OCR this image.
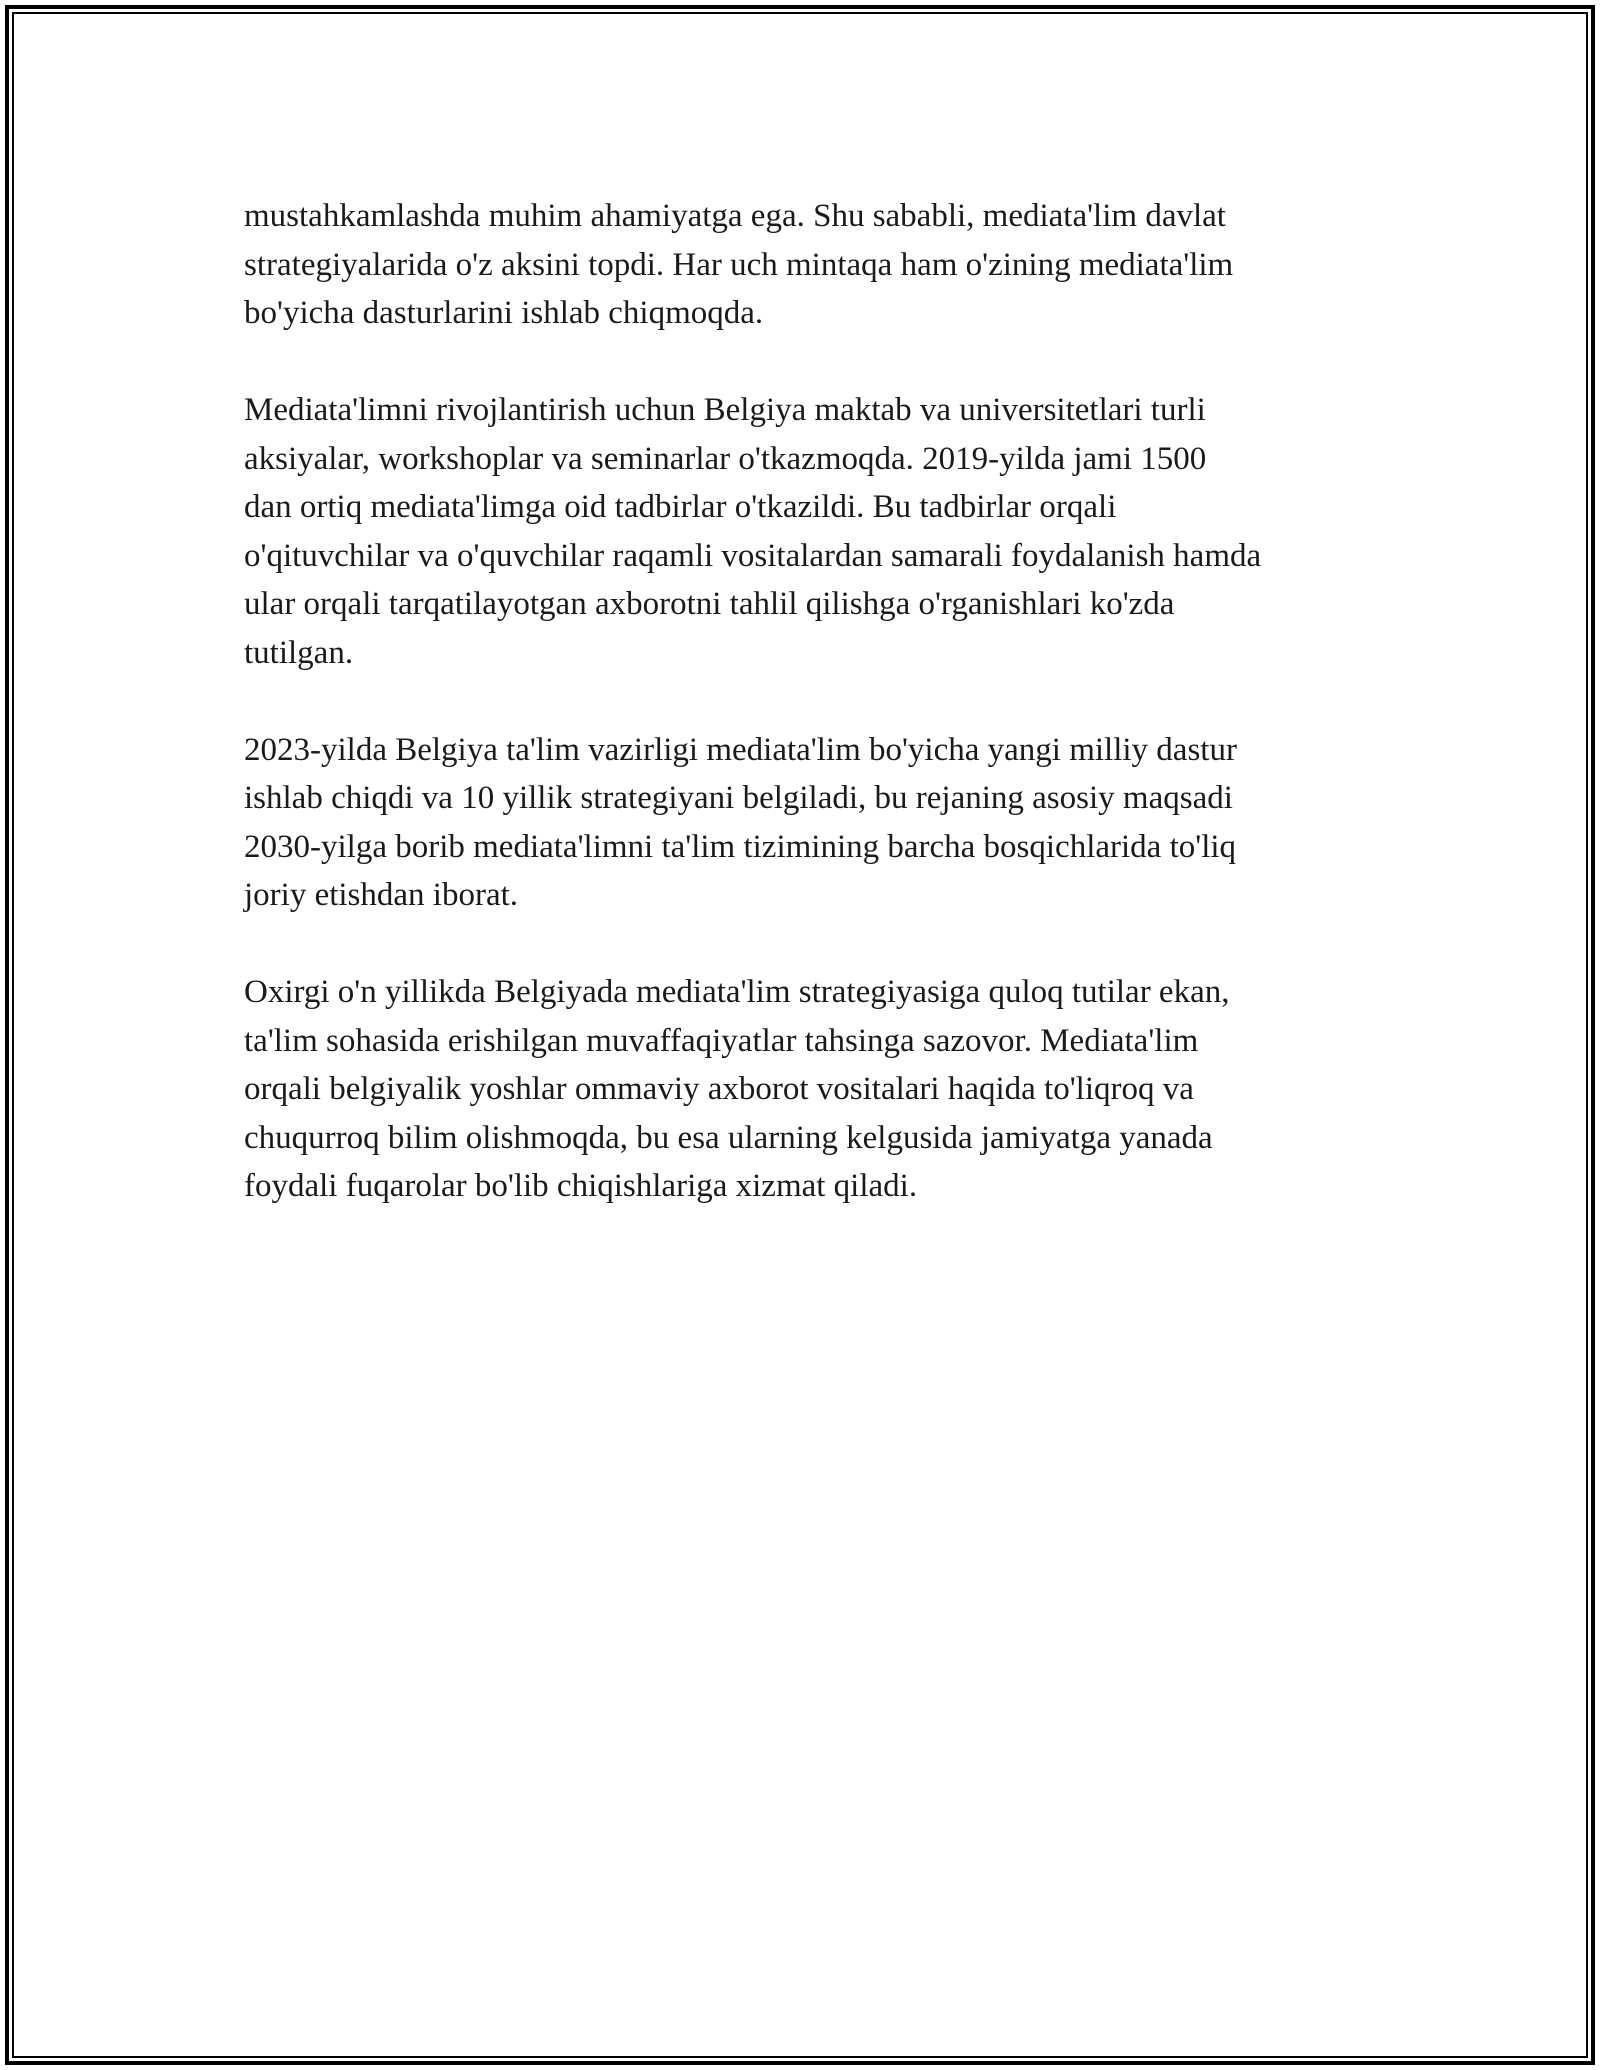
mustahkamlashda muhim ahamiyatga ega. Shu sababli, mediata'lim davlat
strategiyalarida o'z aksini topdi. Har uch mintaqa ham o'zining mediata'lim
bo'yicha dasturlarini ishlab chiqmoqda.

Mediata'limni rivojlantirish uchun Belgiya maktab va universitetlari turli
aksiyalar, workshoplar va seminarlar o'tkazmoqda. 2019-yilda jami 1500
dan ortiq mediata'limga oid tadbirlar o'tkazildi. Bu tadbirlar orqali
o'qituvchilar va o'quvchilar raqamli vositalardan samarali foydalanish hamda
ular orqali tarqatilayotgan axborotni tahlil qilishga o'rganishlari ko'zda
tutilgan.

2023-yilda Belgiya ta'lim vazirligi mediata'lim bo'yicha yangi milliy dastur
ishlab chiqdi va 10 yillik strategiyani belgiladi, bu rejaning asosiy maqsadi
2030-yilga borib mediata'limni ta'lim tizimining barcha bosqichlarida to'liq
joriy etishdan iborat.

Oxirgi o'n yillikda Belgiyada mediata'lim strategiyasiga quloq tutilar ekan,
ta'lim sohasida erishilgan muvaffaqiyatlar tahsinga sazovor. Mediata'lim
orqali belgiyalik yoshlar ommaviy axborot vositalari haqida to'liqroq va
chuqurroq bilim olishmoqda, bu esa ularning kelgusida jamiyatga yanada
foydali fuqarolar bo'lib chiqishlariga xizmat qiladi.
